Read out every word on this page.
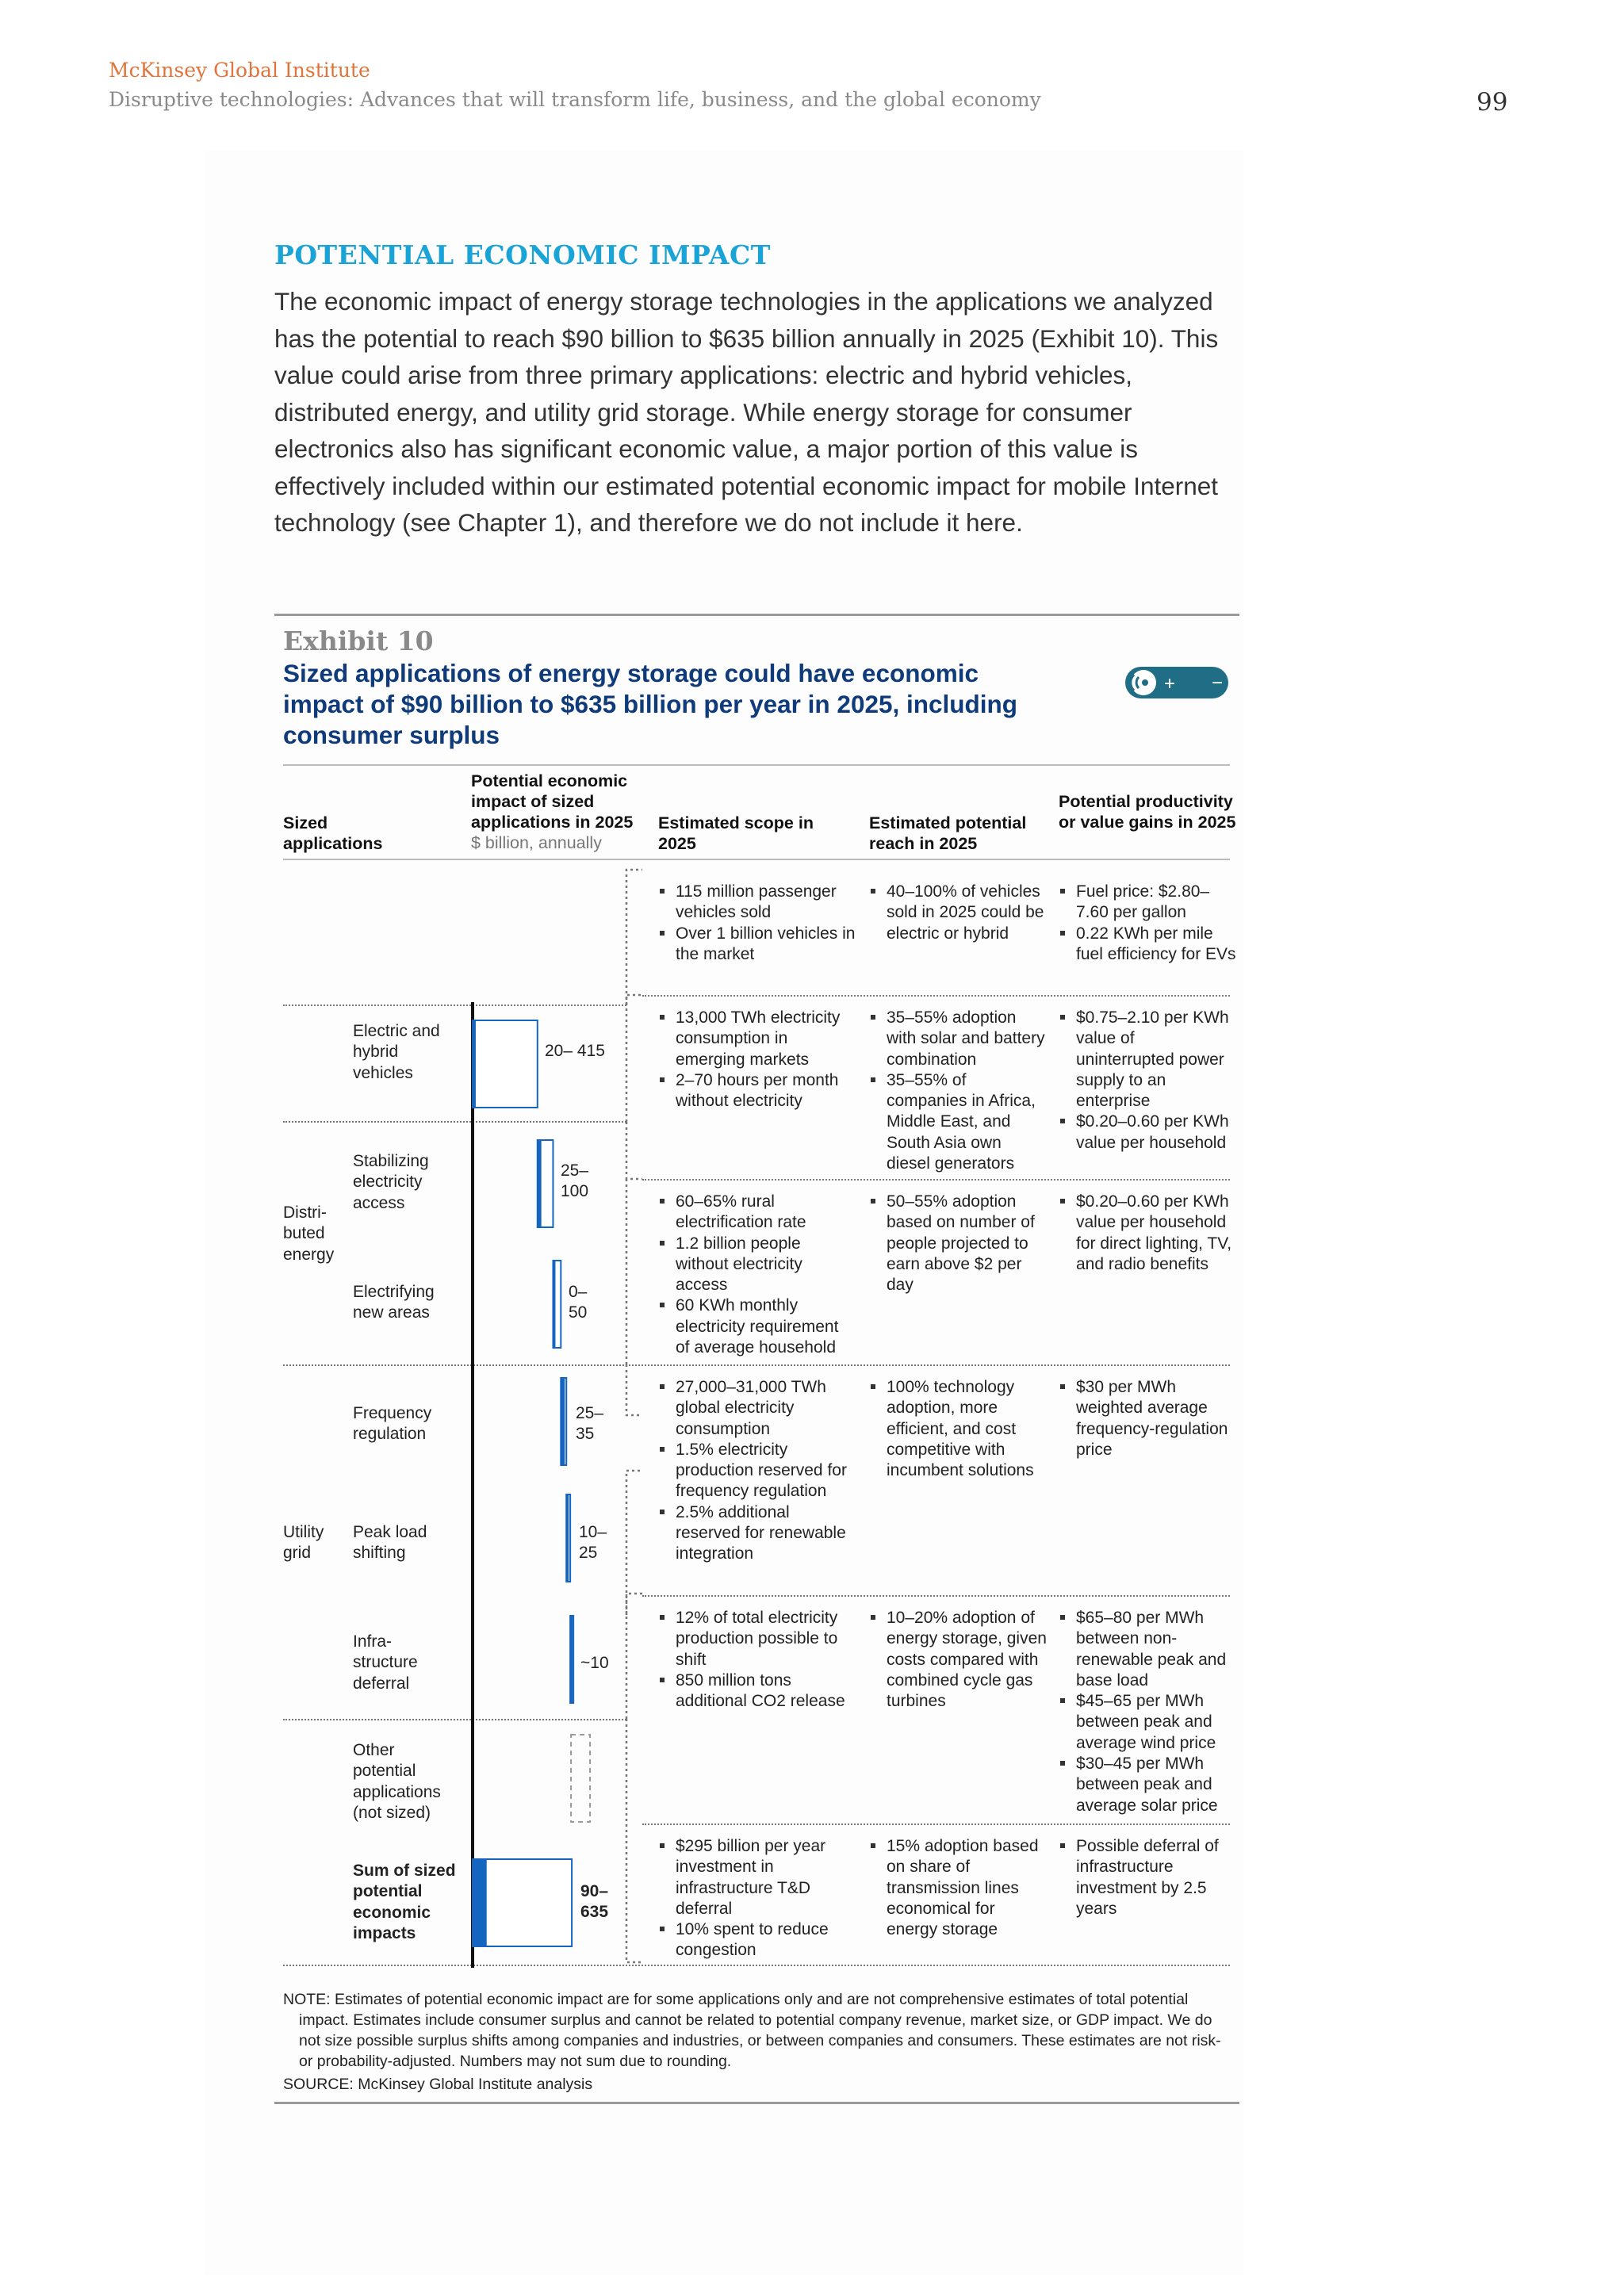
McKinsey Global Institute
Disruptive technologies: Advances that will transform life, business, and the global economy	99
POTENTIAL ECONOMIC IMPACT
The economic impact of energy storage technologies in the applications we analyzed has the potential to reach $90 billion to $635 billion annually in 2025 (Exhibit 10). This value could arise from three primary applications: electric and hybrid vehicles, distributed energy, and utility grid storage. While energy storage for consumer electronics also has significant economic value, a major portion of this value is effectively included within our estimated potential economic impact for mobile Internet technology (see Chapter 1), and therefore we do not include it here.
Exhibit 10
Sized applications of energy storage could have economic impact of $90 billion to $635 billion per year in 2025, including consumer surplus
+ −
Sized applications
Potential economic impact of sized applications in 2025
$ billion, annually
Estimated scope in 2025
Estimated potential reach in 2025
Potential productivity or value gains in 2025
Electric and hybrid vehicles
Stabilizing electricity access
Electrifying new areas
Frequency regulation
Peak load shifting
Infra- structure deferral
Other potential applications (not sized)
Sum of sized potential economic impacts
Distri- buted energy
Utility grid
20– 415
25– 100
0– 50
25– 35
10– 25
~10
90– 635
115 million passenger vehicles sold
Over 1 billion vehicles in the market
40–100% of vehicles sold in 2025 could be electric or hybrid
Fuel price: $2.80–7.60 per gallon
0.22 KWh per mile fuel efficiency for EVs
13,000 TWh electricity consumption in emerging markets
2–70 hours per month without electricity
35–55% adoption with solar and battery combination
35–55% of companies in Africa, Middle East, and South Asia own diesel generators
$0.75–2.10 per KWh value of uninterrupted power supply to an enterprise
$0.20–0.60 per KWh value per household
60–65% rural electrification rate
1.2 billion people without electricity access
60 KWh monthly electricity requirement of average household
50–55% adoption based on number of people projected to earn above $2 per day
$0.20–0.60 per KWh value per household for direct lighting, TV, and radio benefits
27,000–31,000 TWh global electricity consumption
1.5% electricity production reserved for frequency regulation
2.5% additional reserved for renewable integration
100% technology adoption, more efficient, and cost competitive with incumbent solutions
$30 per MWh weighted average frequency-regulation price
12% of total electricity production possible to shift
850 million tons additional CO2 release
10–20% adoption of energy storage, given costs compared with combined cycle gas turbines
$65–80 per MWh between non-renewable peak and base load
$45–65 per MWh between peak and average wind price
$30–45 per MWh between peak and average solar price
$295 billion per year investment in infrastructure T&D deferral
10% spent to reduce congestion
15% adoption based on share of transmission lines economical for energy storage
Possible deferral of infrastructure investment by 2.5 years
NOTE: Estimates of potential economic impact are for some applications only and are not comprehensive estimates of total potential impact. Estimates include consumer surplus and cannot be related to potential company revenue, market size, or GDP impact. We do not size possible surplus shifts among companies and industries, or between companies and consumers. These estimates are not risk- or probability-adjusted. Numbers may not sum due to rounding.
SOURCE: McKinsey Global Institute analysis
